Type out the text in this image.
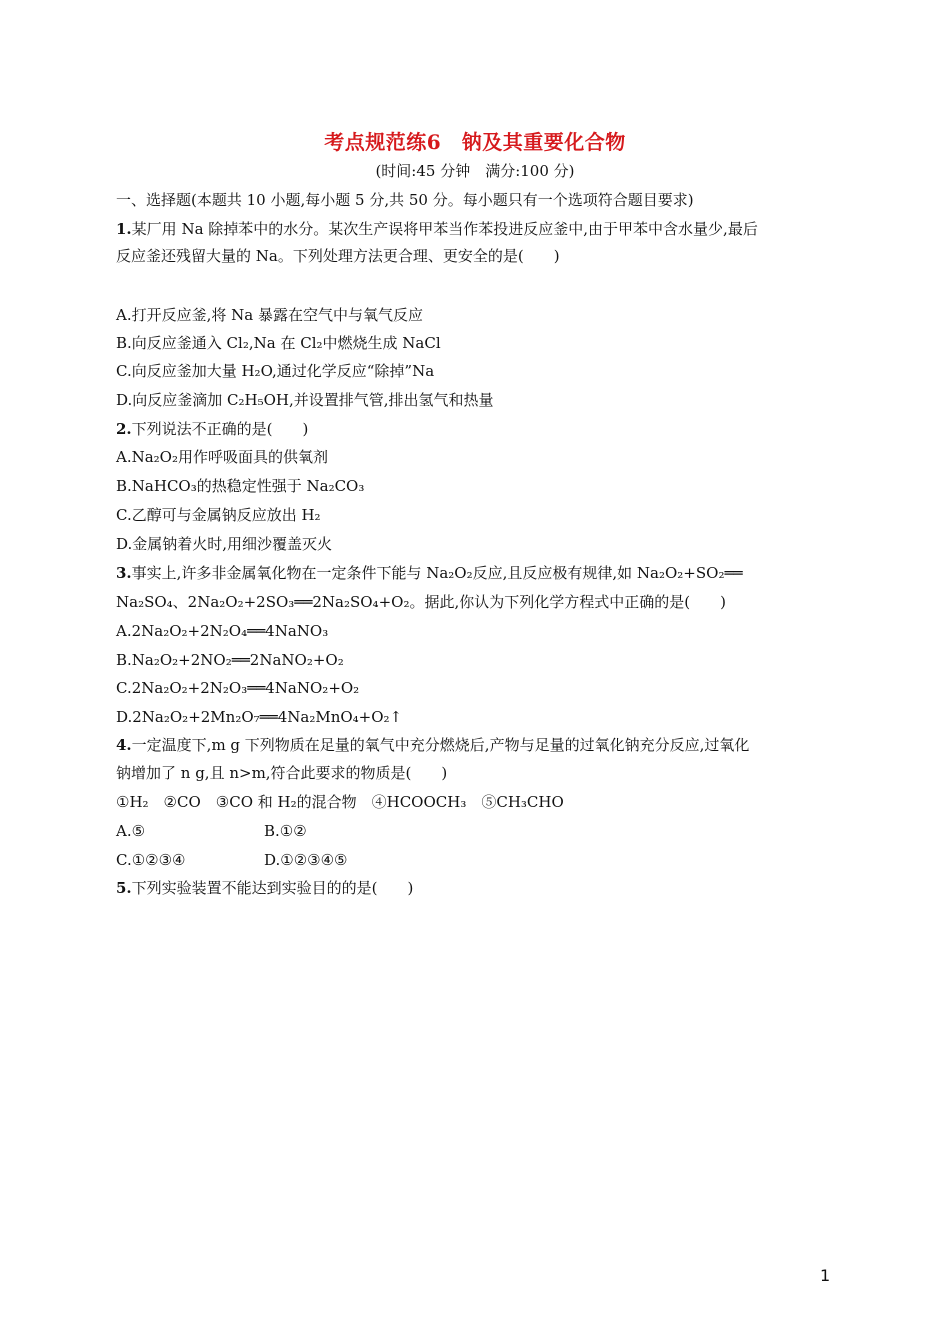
考点规范练6　钠及其重要化合物
(时间:45 分钟　满分:100 分)
一、选择题(本题共 10 小题,每小题 5 分,共 50 分。每小题只有一个选项符合题目要求)
1.某厂用 Na 除掉苯中的水分。某次生产误将甲苯当作苯投进反应釜中,由于甲苯中含水量少,最后
反应釜还残留大量的 Na。下列处理方法更合理、更安全的是(　　)
A.打开反应釜,将 Na 暴露在空气中与氧气反应
B.向反应釜通入 Cl₂,Na 在 Cl₂中燃烧生成 NaCl
C.向反应釜加大量 H₂O,通过化学反应“除掉”Na
D.向反应釜滴加 C₂H₅OH,并设置排气管,排出氢气和热量
2.下列说法不正确的是(　　)
A.Na₂O₂用作呼吸面具的供氧剂
B.NaHCO₃的热稳定性强于 Na₂CO₃
C.乙醇可与金属钠反应放出 H₂
D.金属钠着火时,用细沙覆盖灭火
3.事实上,许多非金属氧化物在一定条件下能与 Na₂O₂反应,且反应极有规律,如 Na₂O₂+SO₂══
Na₂SO₄、2Na₂O₂+2SO₃══2Na₂SO₄+O₂。据此,你认为下列化学方程式中正确的是(　　)
A.2Na₂O₂+2N₂O₄══4NaNO₃
B.Na₂O₂+2NO₂══2NaNO₂+O₂
C.2Na₂O₂+2N₂O₃══4NaNO₂+O₂
D.2Na₂O₂+2Mn₂O₇══4Na₂MnO₄+O₂↑
4.一定温度下,m g 下列物质在足量的氧气中充分燃烧后,产物与足量的过氧化钠充分反应,过氧化
钠增加了 n g,且 n>m,符合此要求的物质是(　　)
①H₂　②CO　③CO 和 H₂的混合物　④HCOOCH₃　⑤CH₃CHO
A.⑤	B.①②
C.①②③④	D.①②③④⑤
5.下列实验装置不能达到实验目的的是(　　)
1
